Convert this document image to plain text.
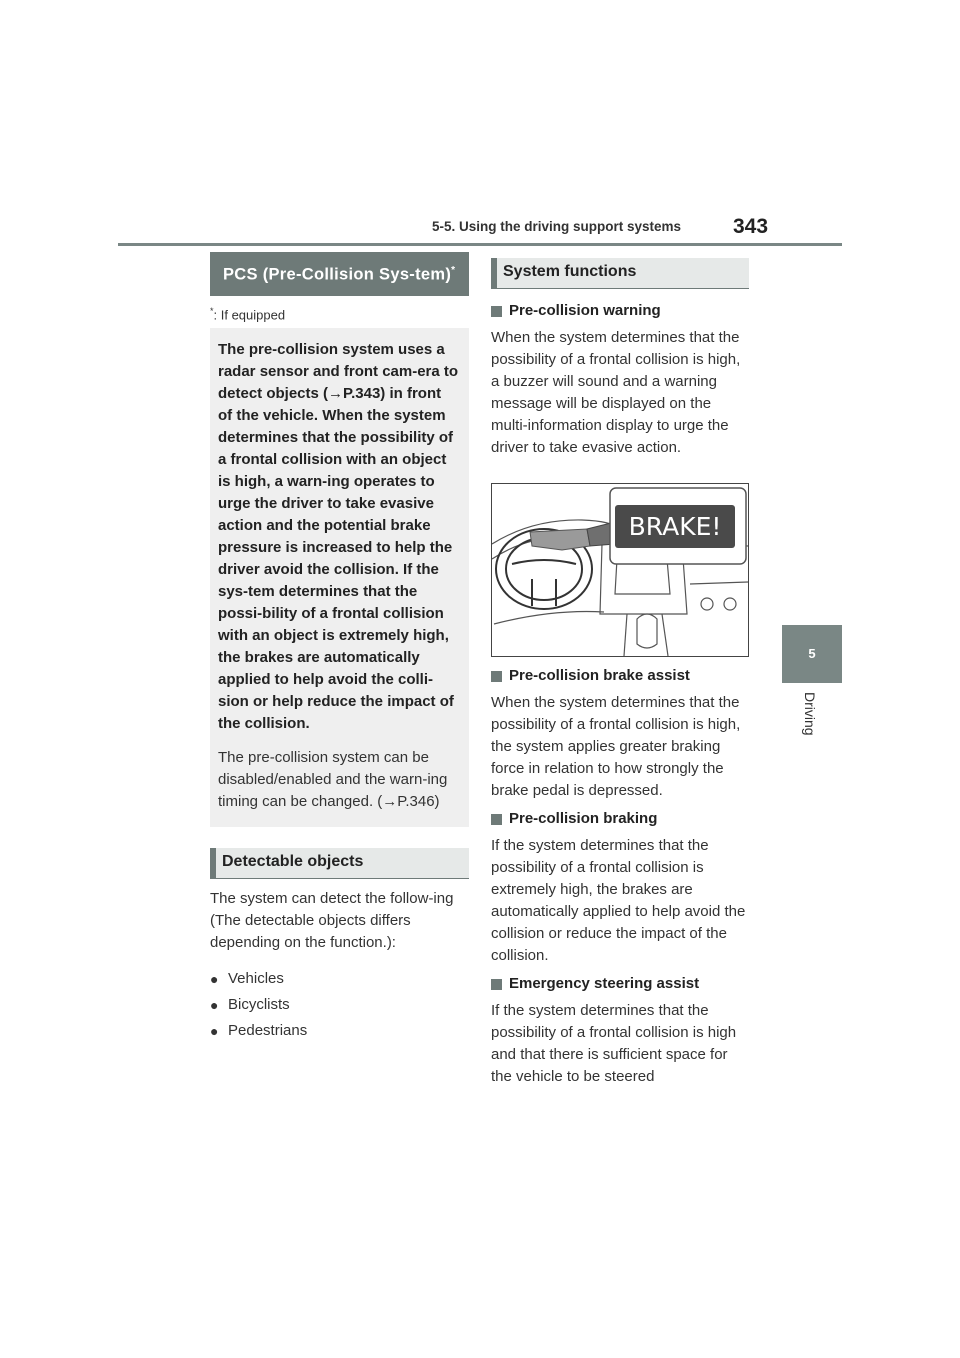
5-5. Using the driving support systems 343
5
Driving
PCS (Pre-Collision Sys-tem)*
*: If equipped

The pre-collision system uses a radar sensor and front cam-era to detect objects (→P.343) in front of the vehicle. When the system determines that the possibility of a frontal collision with an object is high, a warn-ing operates to urge the driver to take evasive action and the potential brake pressure is increased to help the driver avoid the collision. If the sys-tem determines that the possi-bility of a frontal collision with an object is extremely high, the brakes are automatically applied to help avoid the colli-sion or help reduce the impact of the collision.

The pre-collision system can be disabled/enabled and the warn-ing timing can be changed. (→P.346)

Detectable objects

The system can detect the follow-ing (The detectable objects differs depending on the function.):

● Vehicles
● Bicyclists
● Pedestrians
System functions

Pre-collision warning

When the system determines that the possibility of a frontal collision is high, a buzzer will sound and a warning message will be displayed on the multi-information display to urge the driver to take evasive action.

BRAKE!

Pre-collision brake assist

When the system determines that the possibility of a frontal collision is high, the system applies greater braking force in relation to how strongly the brake pedal is depressed.

Pre-collision braking

If the system determines that the possibility of a frontal collision is extremely high, the brakes are automatically applied to help avoid the collision or reduce the impact of the collision.

Emergency steering assist

If the system determines that the possibility of a frontal collision is high and that there is sufficient space for the vehicle to be steered
